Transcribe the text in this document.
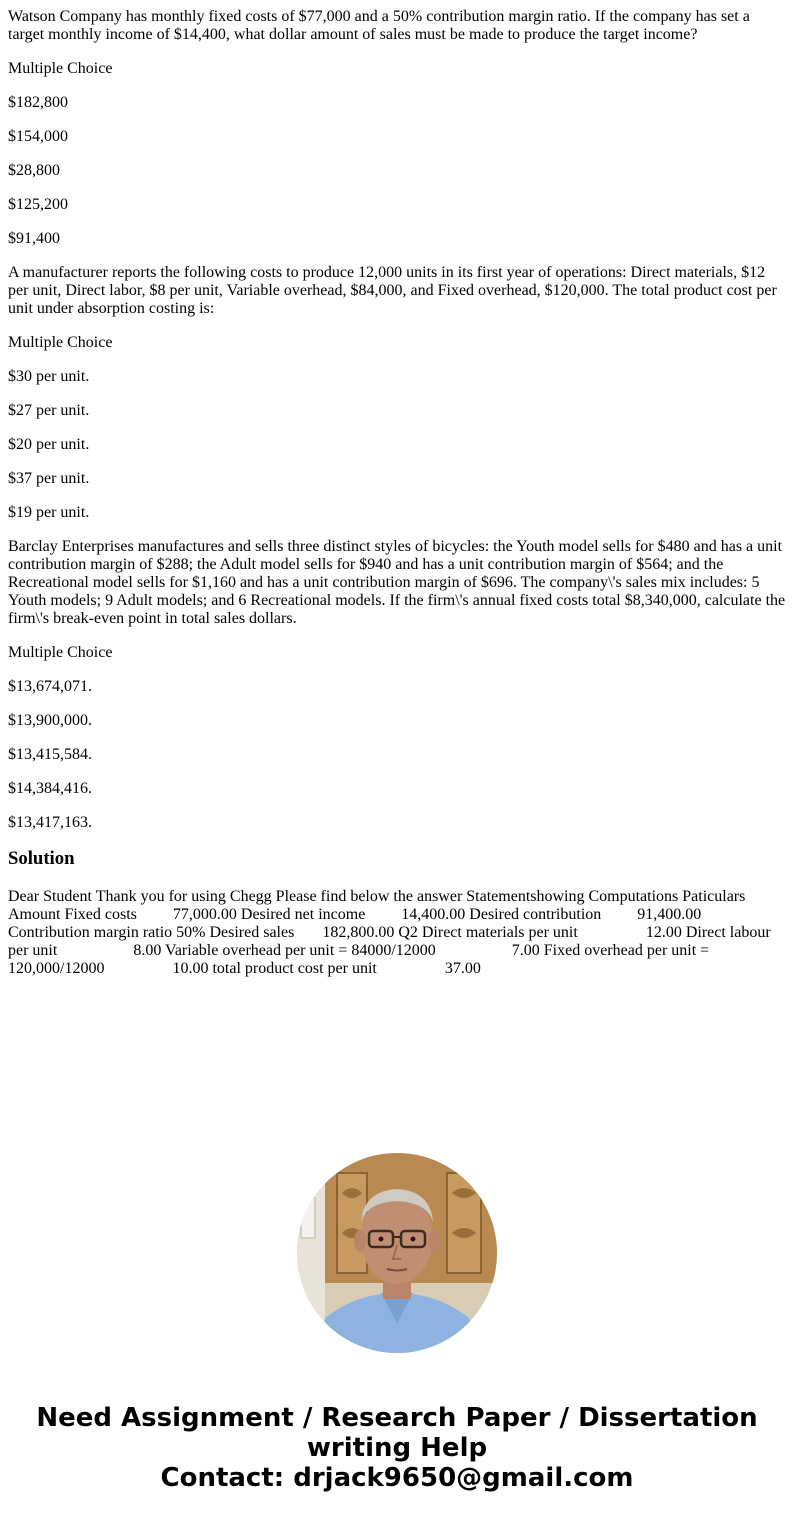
Watson Company has monthly fixed costs of $77,000 and a 50% contribution margin ratio. If the company has set a target monthly income of $14,400, what dollar amount of sales must be made to produce the target income?

Multiple Choice

$182,800

$154,000

$28,800

$125,200

$91,400

A manufacturer reports the following costs to produce 12,000 units in its first year of operations: Direct materials, $12 per unit, Direct labor, $8 per unit, Variable overhead, $84,000, and Fixed overhead, $120,000. The total product cost per unit under absorption costing is:

Multiple Choice

$30 per unit.

$27 per unit.

$20 per unit.

$37 per unit.

$19 per unit.

Barclay Enterprises manufactures and sells three distinct styles of bicycles: the Youth model sells for $480 and has a unit contribution margin of $288; the Adult model sells for $940 and has a unit contribution margin of $564; and the Recreational model sells for $1,160 and has a unit contribution margin of $696. The company\'s sales mix includes: 5 Youth models; 9 Adult models; and 6 Recreational models. If the firm\'s annual fixed costs total $8,340,000, calculate the firm\'s break-even point in total sales dollars.

Multiple Choice

$13,674,071.

$13,900,000.

$13,415,584.

$14,384,416.

$13,417,163.

Solution

Dear Student Thank you for using Chegg Please find below the answer Statementshowing Computations Paticulars Amount Fixed costs         77,000.00 Desired net income         14,400.00 Desired contribution         91,400.00 Contribution margin ratio 50% Desired sales       182,800.00 Q2 Direct materials per unit                 12.00 Direct labour per unit                   8.00 Variable overhead per unit = 84000/12000                   7.00 Fixed overhead per unit = 120,000/12000                 10.00 total product cost per unit                 37.00

Need Assignment / Research Paper / Dissertation
writing Help
Contact: drjack9650@gmail.com
